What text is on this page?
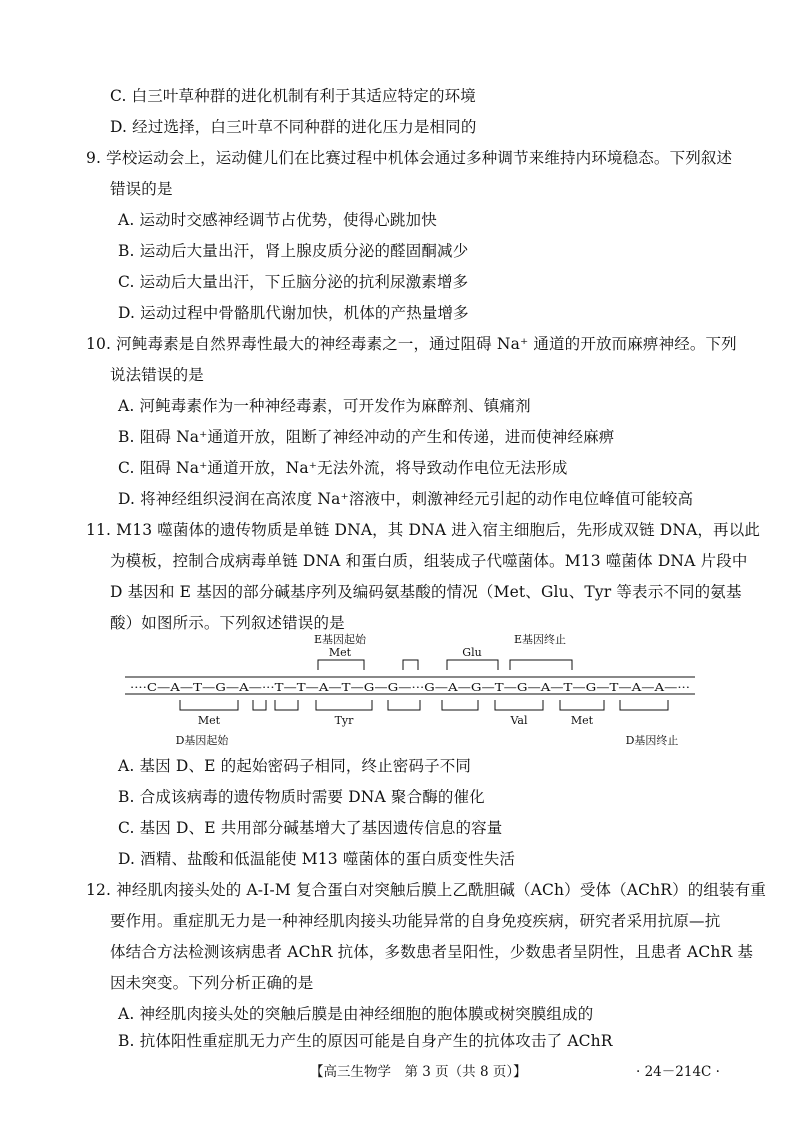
C. 白三叶草种群的进化机制有利于其适应特定的环境
D. 经过选择，白三叶草不同种群的进化压力是相同的
9. 学校运动会上，运动健儿们在比赛过程中机体会通过多种调节来维持内环境稳态。下列叙述
错误的是
A. 运动时交感神经调节占优势，使得心跳加快
B. 运动后大量出汗，肾上腺皮质分泌的醛固酮减少
C. 运动后大量出汗，下丘脑分泌的抗利尿激素增多
D. 运动过程中骨骼肌代谢加快，机体的产热量增多
10. 河鲀毒素是自然界毒性最大的神经毒素之一，通过阻碍 Na⁺ 通道的开放而麻痹神经。下列
说法错误的是
A. 河鲀毒素作为一种神经毒素，可开发作为麻醉剂、镇痛剂
B. 阻碍 Na⁺通道开放，阻断了神经冲动的产生和传递，进而使神经麻痹
C. 阻碍 Na⁺通道开放，Na⁺无法外流，将导致动作电位无法形成
D. 将神经组织浸润在高浓度 Na⁺溶液中，刺激神经元引起的动作电位峰值可能较高
11. M13 噬菌体的遗传物质是单链 DNA，其 DNA 进入宿主细胞后，先形成双链 DNA，再以此
为模板，控制合成病毒单链 DNA 和蛋白质，组装成子代噬菌体。M13 噬菌体 DNA 片段中
D 基因和 E 基因的部分碱基序列及编码氨基酸的情况（Met、Glu、Tyr 等表示不同的氨基
酸）如图所示。下列叙述错误的是
E基因起始
Met	Glu
E基因终止
····C—A—T—G—A—···T—T—A—T—G—G—···G—A—G—T—G—A—T—G—T—A—A—···
Met	Tyr	Val	Met
D基因起始	D基因终止
A. 基因 D、E 的起始密码子相同，终止密码子不同
B. 合成该病毒的遗传物质时需要 DNA 聚合酶的催化
C. 基因 D、E 共用部分碱基增大了基因遗传信息的容量
D. 酒精、盐酸和低温能使 M13 噬菌体的蛋白质变性失活
12. 神经肌肉接头处的 A-I-M 复合蛋白对突触后膜上乙酰胆碱（ACh）受体（AChR）的组装有重
要作用。重症肌无力是一种神经肌肉接头功能异常的自身免疫疾病，研究者采用抗原—抗
体结合方法检测该病患者 AChR 抗体，多数患者呈阳性，少数患者呈阴性，且患者 AChR 基
因未突变。下列分析正确的是
A. 神经肌肉接头处的突触后膜是由神经细胞的胞体膜或树突膜组成的
B. 抗体阳性重症肌无力产生的原因可能是自身产生的抗体攻击了 AChR
【高三生物学　第 3 页（共 8 页）】	· 24－214C ·
